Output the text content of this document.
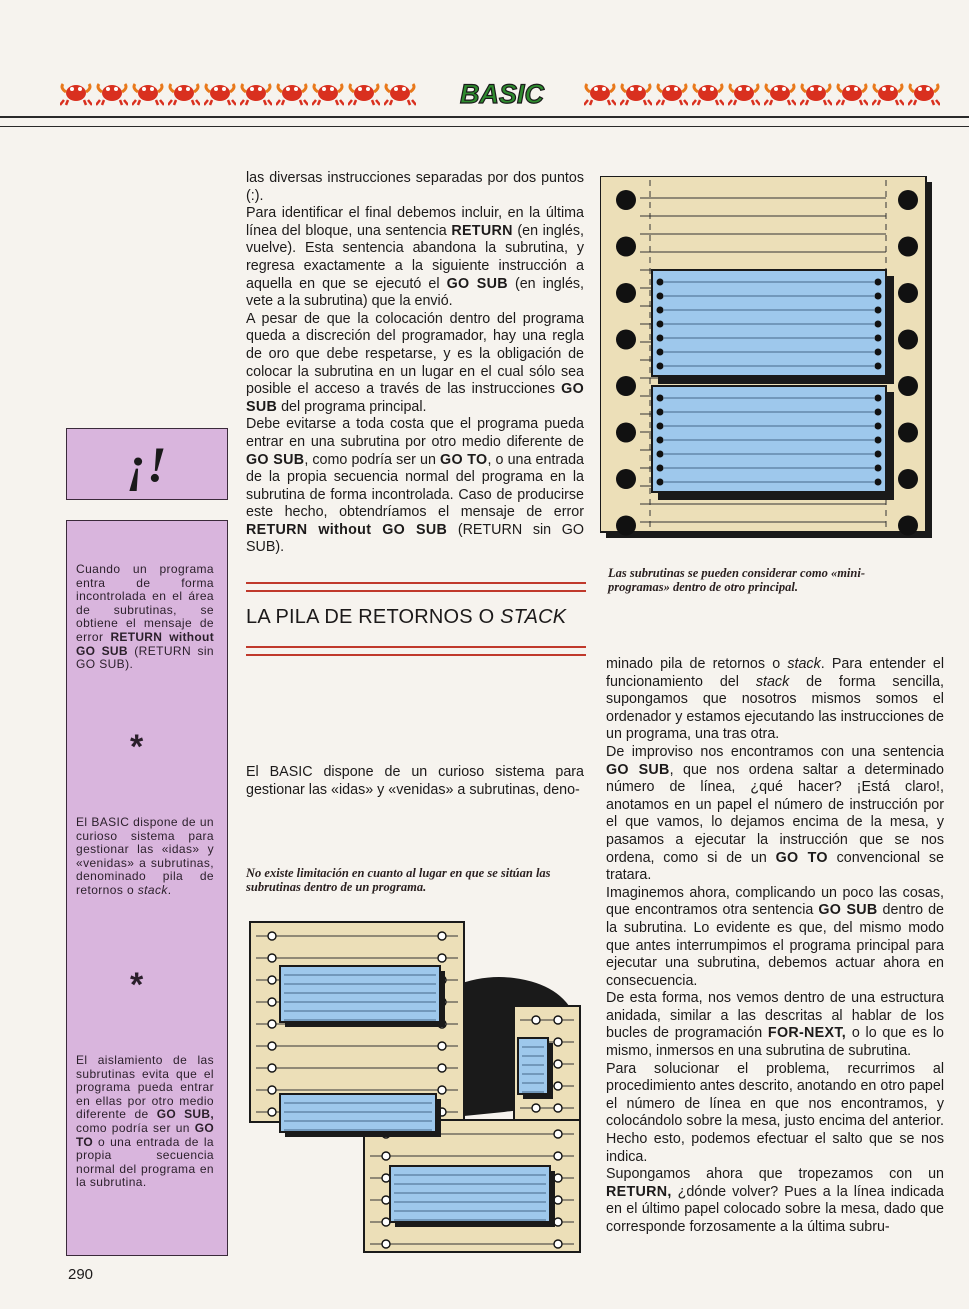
BASIC
¡!
Cuando un programa entra de forma incontrolada en el área de subrutinas, se obtiene el mensaje de error RETURN without GO SUB (RETURN sin GO SUB).
*
El BASIC dispone de un curioso sistema para gestionar las «idas» y «venidas» a subrutinas, denominado pila de retornos o stack.
*
El aislamiento de las subrutinas evita que el programa pueda entrar en ellas por otro medio diferente de GO SUB, como podría ser un GO TO o una entrada de la propia secuencia normal del programa en la subrutina.

las diversas instrucciones separadas por dos puntos (:).

Para identificar el final debemos incluir, en la última línea del bloque, una sentencia RETURN (en inglés, vuelve). Esta sentencia abandona la subrutina, y regresa exactamente a la siguiente instrucción a aquella en que se ejecutó el GO SUB (en inglés, vete a la subrutina) que la envió.

A pesar de que la colocación dentro del programa queda a discreción del programador, hay una regla de oro que debe respetarse, y es la obligación de colocar la subrutina en un lugar en el cual sólo sea posible el acceso a través de las instrucciones GO SUB del programa principal.

Debe evitarse a toda costa que el programa pueda entrar en una subrutina por otro medio diferente de GO SUB, como podría ser un GO TO, o una entrada de la propia secuencia normal del programa en la subrutina de forma incontrolada. Caso de producirse este hecho, obtendríamos el mensaje de error RETURN without GO SUB (RETURN sin GO SUB).

LA PILA DE RETORNOS O STACK

El BASIC dispone de un curioso sistema para gestionar las «idas» y «venidas» a subrutinas, deno-

No existe limitación en cuanto al lugar en que se sitúan las subrutinas dentro de un programa.
Las subrutinas se pueden considerar como «mini-programas» dentro de otro principal.

minado pila de retornos o stack. Para entender el funcionamiento del stack de forma sencilla, supongamos que nosotros mismos somos el ordenador y estamos ejecutando las instrucciones de un programa, una tras otra.

De improviso nos encontramos con una sentencia GO SUB, que nos ordena saltar a determinado número de línea, ¿qué hacer? ¡Está claro!, anotamos en un papel el número de instrucción por el que vamos, lo dejamos encima de la mesa, y pasamos a ejecutar la instrucción que se nos ordena, como si de un GO TO convencional se tratara.

Imaginemos ahora, complicando un poco las cosas, que encontramos otra sentencia GO SUB dentro de la subrutina. Lo evidente es que, del mismo modo que antes interrumpimos el programa principal para ejecutar una subrutina, debemos actuar ahora en consecuencia.

De esta forma, nos vemos dentro de una estructura anidada, similar a las descritas al hablar de los bucles de programación FOR-NEXT, o lo que es lo mismo, inmersos en una subrutina de subrutina.

Para solucionar el problema, recurrimos al procedimiento antes descrito, anotando en otro papel el número de línea en que nos encontramos, y colocándolo sobre la mesa, justo encima del anterior. Hecho esto, podemos efectuar el salto que se nos indica.

Supongamos ahora que tropezamos con un RETURN, ¿dónde volver? Pues a la línea indicada en el último papel colocado sobre la mesa, dado que corresponde forzosamente a la última subru-

290
